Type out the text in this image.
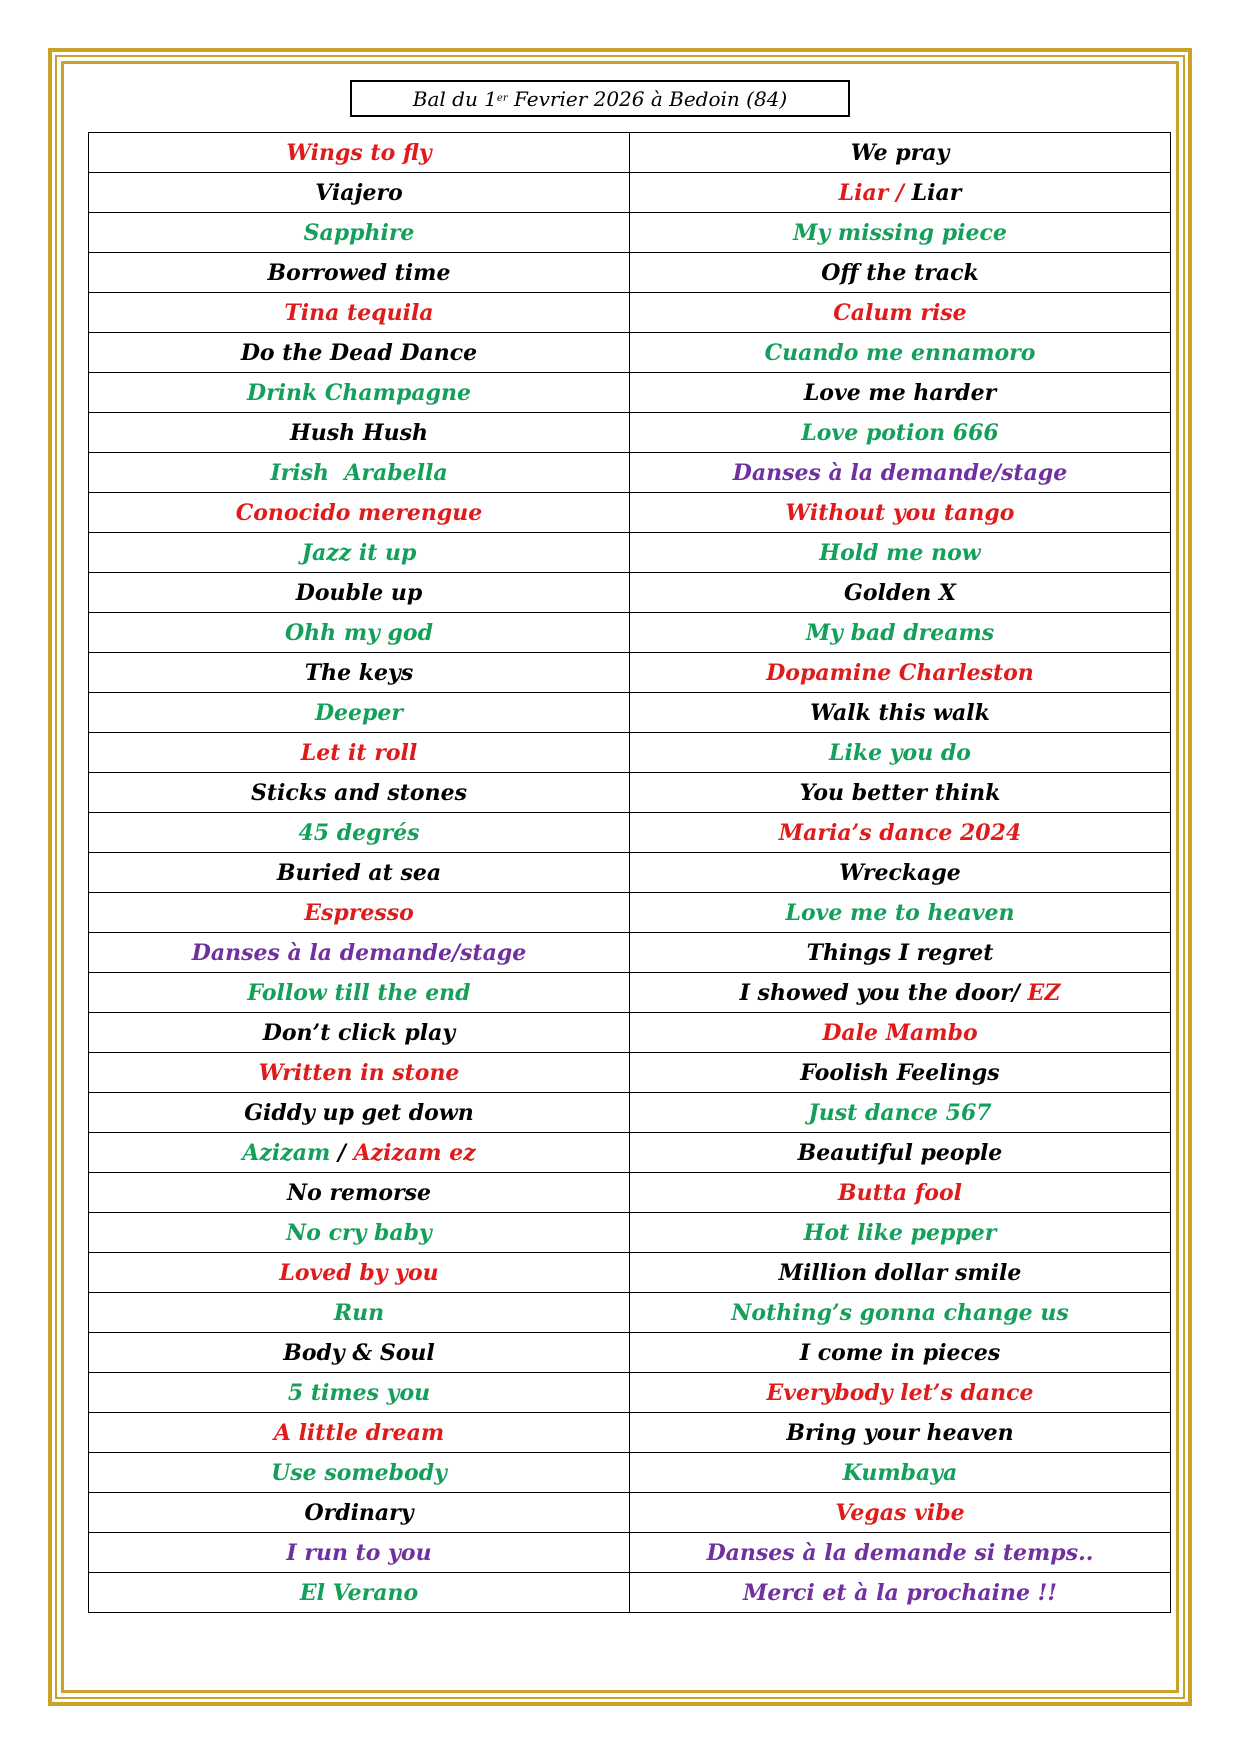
Bal du 1 er Fevrier 2026 à Bedoin (84)
Wings to fly	We pray
Viajero	Liar / Liar
Sapphire	My missing piece
Borrowed time	Off the track
Tina tequila	Calum rise
Do the Dead Dance	Cuando me ennamoro
Drink Champagne	Love me harder
Hush Hush	Love potion 666
Irish  Arabella	Danses à la demande/stage
Conocido merengue	Without you tango
Jazz it up	Hold me now
Double up	Golden X
Ohh my god	My bad dreams
The keys	Dopamine Charleston
Deeper	Walk this walk
Let it roll	Like you do
Sticks and stones	You better think
45 degrés	Maria’s dance 2024
Buried at sea	Wreckage
Espresso	Love me to heaven
Danses à la demande/stage	Things I regret
Follow till the end	I showed you the door/ EZ
Don’t click play	Dale Mambo
Written in stone	Foolish Feelings
Giddy up get down	Just dance 567
Azizam / Azizam ez	Beautiful people
No remorse	Butta fool
No cry baby	Hot like pepper
Loved by you	Million dollar smile
Run	Nothing’s gonna change us
Body & Soul	I come in pieces
5 times you	Everybody let’s dance
A little dream	Bring your heaven
Use somebody	Kumbaya
Ordinary	Vegas vibe
I run to you	Danses à la demande si temps..
El Verano	Merci et à la prochaine !!
